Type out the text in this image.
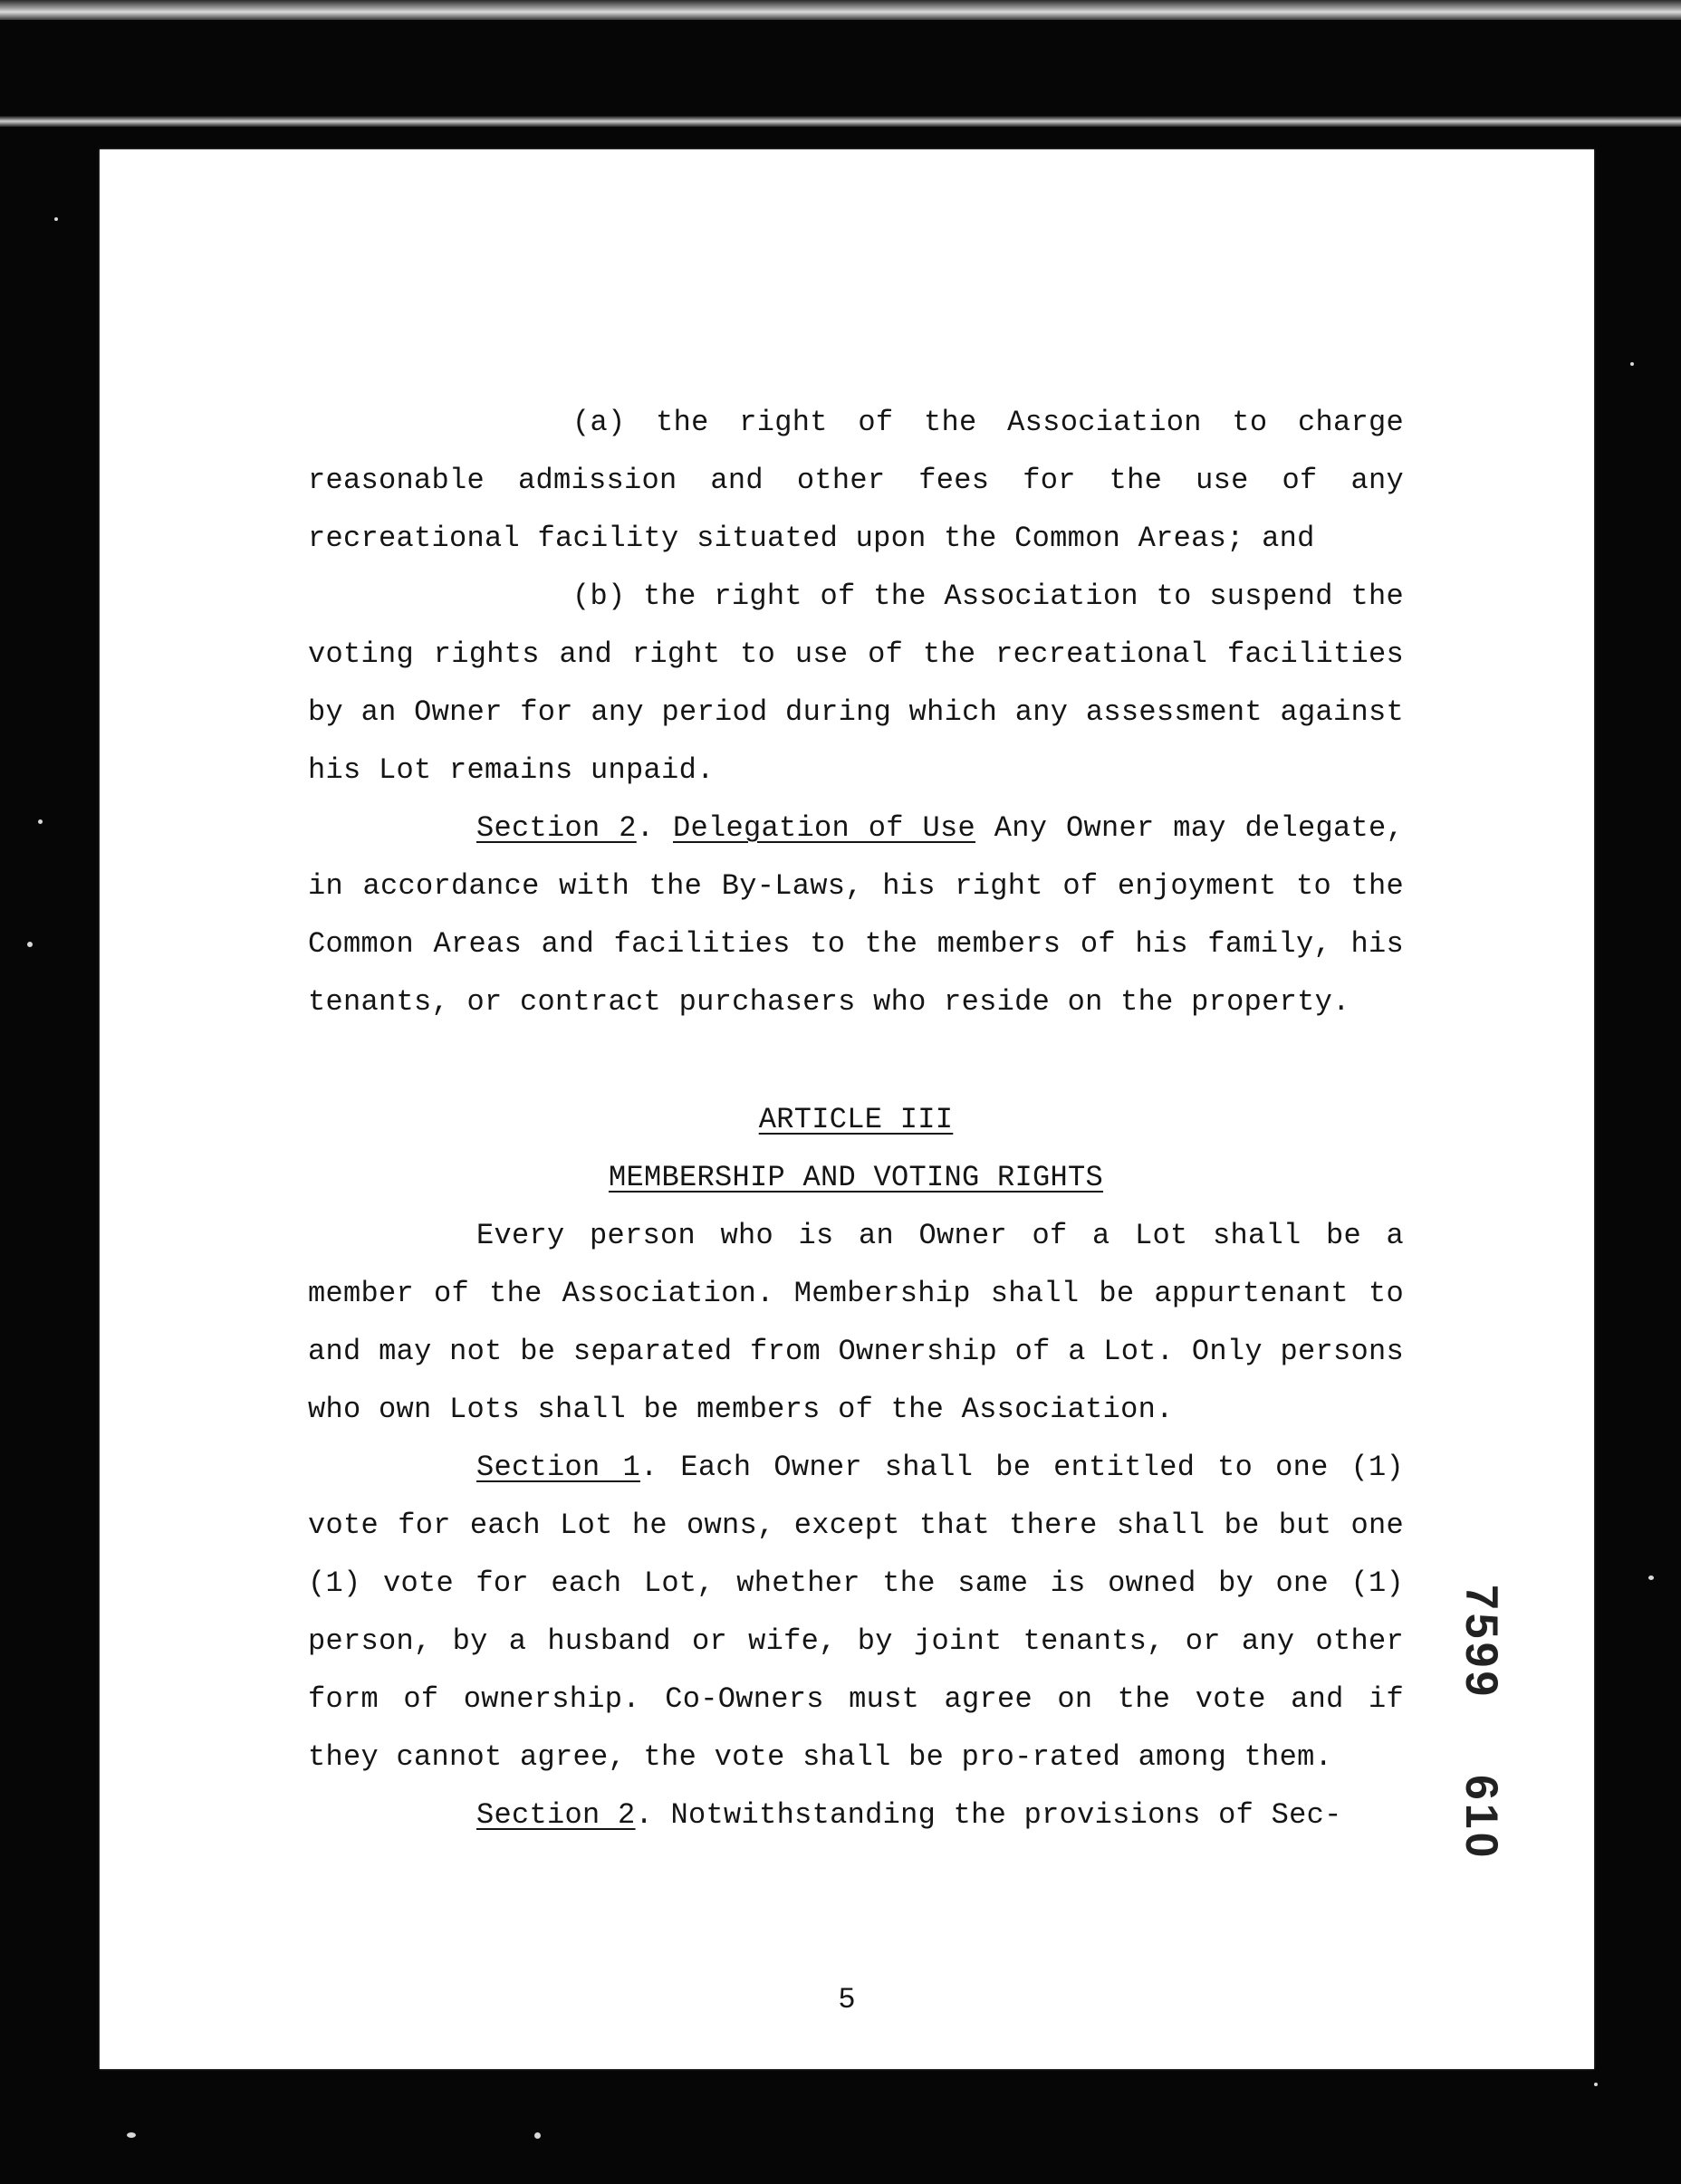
(a) the right of the Association to charge reasonable admission and other fees for the use of any recreational facility situated upon the Common Areas; and

(b) the right of the Association to suspend the voting rights and right to use of the recreational facilities by an Owner for any period during which any assessment against his Lot remains unpaid.

Section 2. Delegation of Use Any Owner may delegate, in accordance with the By-Laws, his right of enjoyment to the Common Areas and facilities to the members of his family, his tenants, or contract purchasers who reside on the property.

ARTICLE III

MEMBERSHIP AND VOTING RIGHTS

Every person who is an Owner of a Lot shall be a member of the Association. Membership shall be appurtenant to and may not be separated from Ownership of a Lot. Only persons who own Lots shall be members of the Association.

Section 1. Each Owner shall be entitled to one (1) vote for each Lot he owns, except that there shall be but one (1) vote for each Lot, whether the same is owned by one (1) person, by a husband or wife, by joint tenants, or any other form of ownership. Co-Owners must agree on the vote and if they cannot agree, the vote shall be pro-rated among them.

Section 2. Notwithstanding the provisions of Sec-

7599
610
5
